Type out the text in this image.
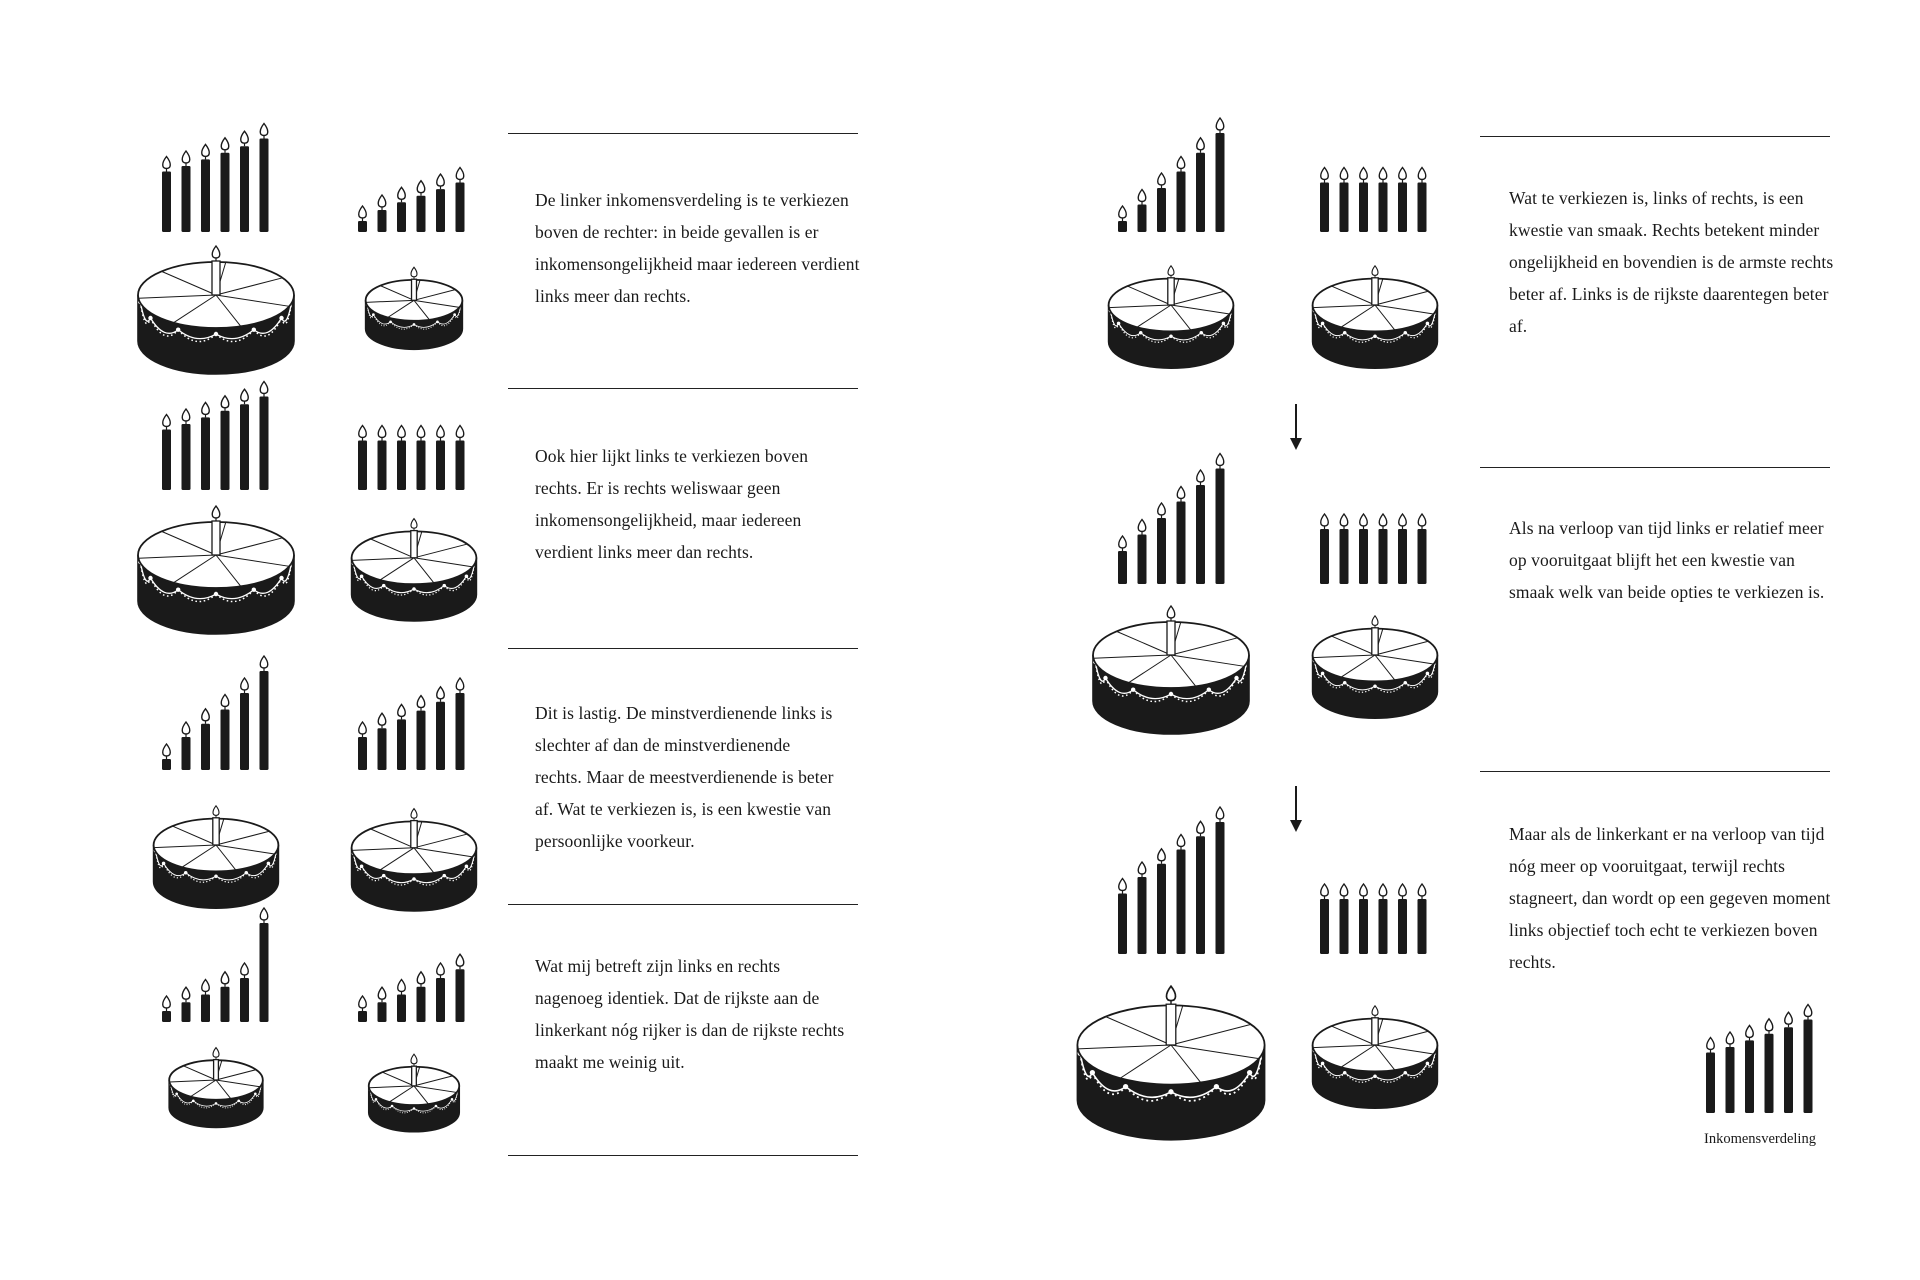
De linker inkomensverdeling is te verkiezen boven de rechter: in beide gevallen is er inkomensongelijkheid maar iedereen verdient links meer dan rechts.
Ook hier lijkt links te verkiezen boven rechts. Er is rechts weliswaar geen inkomensongelijkheid, maar iedereen verdient links meer dan rechts.
Dit is lastig. De minstverdienende links is slechter af dan de minstverdienende rechts. Maar de meestverdienende is beter af. Wat te verkiezen is, is een kwestie van persoonlijke voorkeur.
Wat mij betreft zijn links en rechts nagenoeg identiek. Dat de rijkste aan de linkerkant nóg rijker is dan de rijkste rechts maakt me weinig uit.
Wat te verkiezen is, links of rechts, is een kwestie van smaak. Rechts betekent minder ongelijkheid en bovendien is de armste rechts beter af. Links is de rijkste daarentegen beter af.
Als na verloop van tijd links er relatief meer op vooruitgaat blijft het een kwestie van smaak welk van beide opties te verkiezen is.
Maar als de linkerkant er na verloop van tijd nóg meer op vooruitgaat, terwijl rechts stagneert, dan wordt op een gegeven moment links objectief toch echt te verkiezen boven rechts.
Inkomensverdeling
